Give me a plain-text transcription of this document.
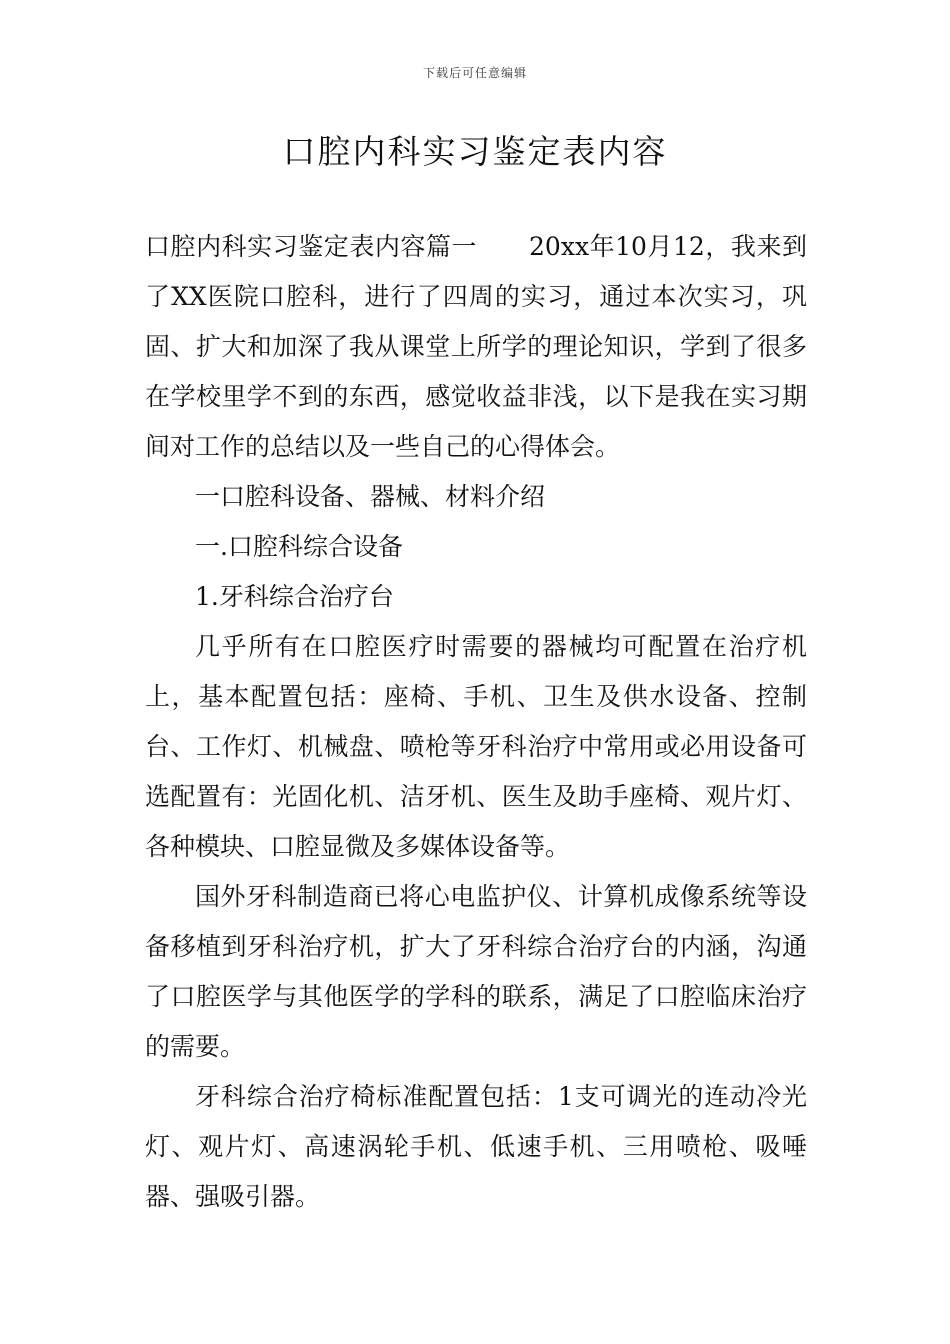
下载后可任意编辑
口腔内科实习鉴定表内容

口腔内科实习鉴定表内容篇一 20xx年10月12，我来到了XX医院口腔科，进行了四周的实习，通过本次实习，巩固、扩大和加深了我从课堂上所学的理论知识，学到了很多在学校里学不到的东西，感觉收益非浅，以下是我在实习期间对工作的总结以及一些自己的心得体会。

一口腔科设备、器械、材料介绍

一.口腔科综合设备

1.牙科综合治疗台

几乎所有在口腔医疗时需要的器械均可配置在治疗机上，基本配置包括：座椅、手机、卫生及供水设备、控制台、工作灯、机械盘、喷枪等牙科治疗中常用或必用设备可选配置有：光固化机、洁牙机、医生及助手座椅、观片灯、各种模块、口腔显微及多媒体设备等。

国外牙科制造商已将心电监护仪、计算机成像系统等设备移植到牙科治疗机，扩大了牙科综合治疗台的内涵，沟通了口腔医学与其他医学的学科的联系，满足了口腔临床治疗的需要。

牙科综合治疗椅标准配置包括：1支可调光的连动冷光灯、观片灯、高速涡轮手机、低速手机、三用喷枪、吸唾器、强吸引器。
